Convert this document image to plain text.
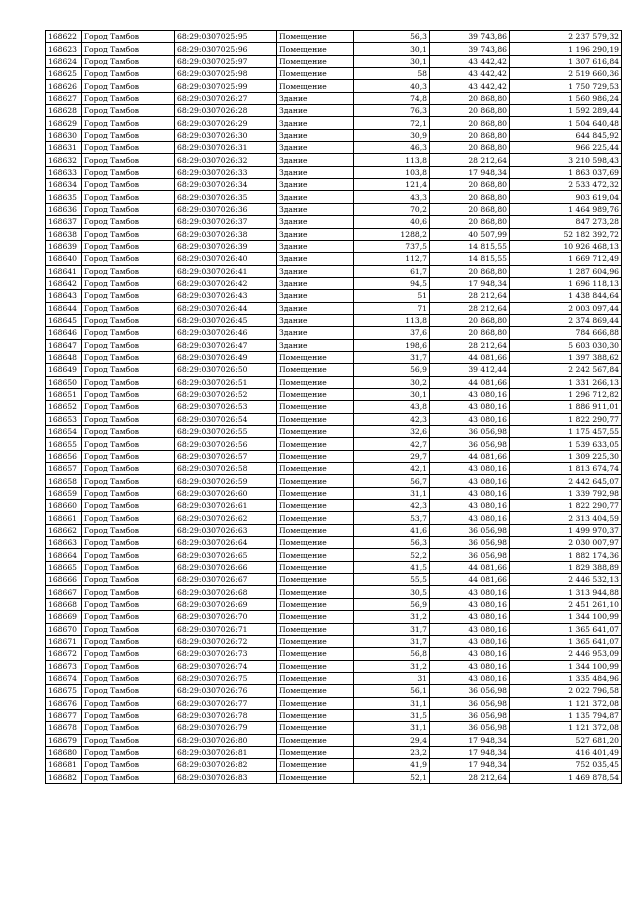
168622	Город Тамбов	68:29:0307025:95	Помещение	56,3	39 743,86	2 237 579,32
168623	Город Тамбов	68:29:0307025:96	Помещение	30,1	39 743,86	1 196 290,19
168624	Город Тамбов	68:29:0307025:97	Помещение	30,1	43 442,42	1 307 616,84
168625	Город Тамбов	68:29:0307025:98	Помещение	58	43 442,42	2 519 660,36
168626	Город Тамбов	68:29:0307025:99	Помещение	40,3	43 442,42	1 750 729,53
168627	Город Тамбов	68:29:0307026:27	Здание	74,8	20 868,80	1 560 986,24
168628	Город Тамбов	68:29:0307026:28	Здание	76,3	20 868,80	1 592 289,44
168629	Город Тамбов	68:29:0307026:29	Здание	72,1	20 868,80	1 504 640,48
168630	Город Тамбов	68:29:0307026:30	Здание	30,9	20 868,80	644 845,92
168631	Город Тамбов	68:29:0307026:31	Здание	46,3	20 868,80	966 225,44
168632	Город Тамбов	68:29:0307026:32	Здание	113,8	28 212,64	3 210 598,43
168633	Город Тамбов	68:29:0307026:33	Здание	103,8	17 948,34	1 863 037,69
168634	Город Тамбов	68:29:0307026:34	Здание	121,4	20 868,80	2 533 472,32
168635	Город Тамбов	68:29:0307026:35	Здание	43,3	20 868,80	903 619,04
168636	Город Тамбов	68:29:0307026:36	Здание	70,2	20 868,80	1 464 989,76
168637	Город Тамбов	68:29:0307026:37	Здание	40,6	20 868,80	847 273,28
168638	Город Тамбов	68:29:0307026:38	Здание	1288,2	40 507,99	52 182 392,72
168639	Город Тамбов	68:29:0307026:39	Здание	737,5	14 815,55	10 926 468,13
168640	Город Тамбов	68:29:0307026:40	Здание	112,7	14 815,55	1 669 712,49
168641	Город Тамбов	68:29:0307026:41	Здание	61,7	20 868,80	1 287 604,96
168642	Город Тамбов	68:29:0307026:42	Здание	94,5	17 948,34	1 696 118,13
168643	Город Тамбов	68:29:0307026:43	Здание	51	28 212,64	1 438 844,64
168644	Город Тамбов	68:29:0307026:44	Здание	71	28 212,64	2 003 097,44
168645	Город Тамбов	68:29:0307026:45	Здание	113,8	20 868,80	2 374 869,44
168646	Город Тамбов	68:29:0307026:46	Здание	37,6	20 868,80	784 666,88
168647	Город Тамбов	68:29:0307026:47	Здание	198,6	28 212,64	5 603 030,30
168648	Город Тамбов	68:29:0307026:49	Помещение	31,7	44 081,66	1 397 388,62
168649	Город Тамбов	68:29:0307026:50	Помещение	56,9	39 412,44	2 242 567,84
168650	Город Тамбов	68:29:0307026:51	Помещение	30,2	44 081,66	1 331 266,13
168651	Город Тамбов	68:29:0307026:52	Помещение	30,1	43 080,16	1 296 712,82
168652	Город Тамбов	68:29:0307026:53	Помещение	43,8	43 080,16	1 886 911,01
168653	Город Тамбов	68:29:0307026:54	Помещение	42,3	43 080,16	1 822 290,77
168654	Город Тамбов	68:29:0307026:55	Помещение	32,6	36 056,98	1 175 457,55
168655	Город Тамбов	68:29:0307026:56	Помещение	42,7	36 056,98	1 539 633,05
168656	Город Тамбов	68:29:0307026:57	Помещение	29,7	44 081,66	1 309 225,30
168657	Город Тамбов	68:29:0307026:58	Помещение	42,1	43 080,16	1 813 674,74
168658	Город Тамбов	68:29:0307026:59	Помещение	56,7	43 080,16	2 442 645,07
168659	Город Тамбов	68:29:0307026:60	Помещение	31,1	43 080,16	1 339 792,98
168660	Город Тамбов	68:29:0307026:61	Помещение	42,3	43 080,16	1 822 290,77
168661	Город Тамбов	68:29:0307026:62	Помещение	53,7	43 080,16	2 313 404,59
168662	Город Тамбов	68:29:0307026:63	Помещение	41,6	36 056,98	1 499 970,37
168663	Город Тамбов	68:29:0307026:64	Помещение	56,3	36 056,98	2 030 007,97
168664	Город Тамбов	68:29:0307026:65	Помещение	52,2	36 056,98	1 882 174,36
168665	Город Тамбов	68:29:0307026:66	Помещение	41,5	44 081,66	1 829 388,89
168666	Город Тамбов	68:29:0307026:67	Помещение	55,5	44 081,66	2 446 532,13
168667	Город Тамбов	68:29:0307026:68	Помещение	30,5	43 080,16	1 313 944,88
168668	Город Тамбов	68:29:0307026:69	Помещение	56,9	43 080,16	2 451 261,10
168669	Город Тамбов	68:29:0307026:70	Помещение	31,2	43 080,16	1 344 100,99
168670	Город Тамбов	68:29:0307026:71	Помещение	31,7	43 080,16	1 365 641,07
168671	Город Тамбов	68:29:0307026:72	Помещение	31,7	43 080,16	1 365 641,07
168672	Город Тамбов	68:29:0307026:73	Помещение	56,8	43 080,16	2 446 953,09
168673	Город Тамбов	68:29:0307026:74	Помещение	31,2	43 080,16	1 344 100,99
168674	Город Тамбов	68:29:0307026:75	Помещение	31	43 080,16	1 335 484,96
168675	Город Тамбов	68:29:0307026:76	Помещение	56,1	36 056,98	2 022 796,58
168676	Город Тамбов	68:29:0307026:77	Помещение	31,1	36 056,98	1 121 372,08
168677	Город Тамбов	68:29:0307026:78	Помещение	31,5	36 056,98	1 135 794,87
168678	Город Тамбов	68:29:0307026:79	Помещение	31,1	36 056,98	1 121 372,08
168679	Город Тамбов	68:29:0307026:80	Помещение	29,4	17 948,34	527 681,20
168680	Город Тамбов	68:29:0307026:81	Помещение	23,2	17 948,34	416 401,49
168681	Город Тамбов	68:29:0307026:82	Помещение	41,9	17 948,34	752 035,45
168682	Город Тамбов	68:29:0307026:83	Помещение	52,1	28 212,64	1 469 878,54
